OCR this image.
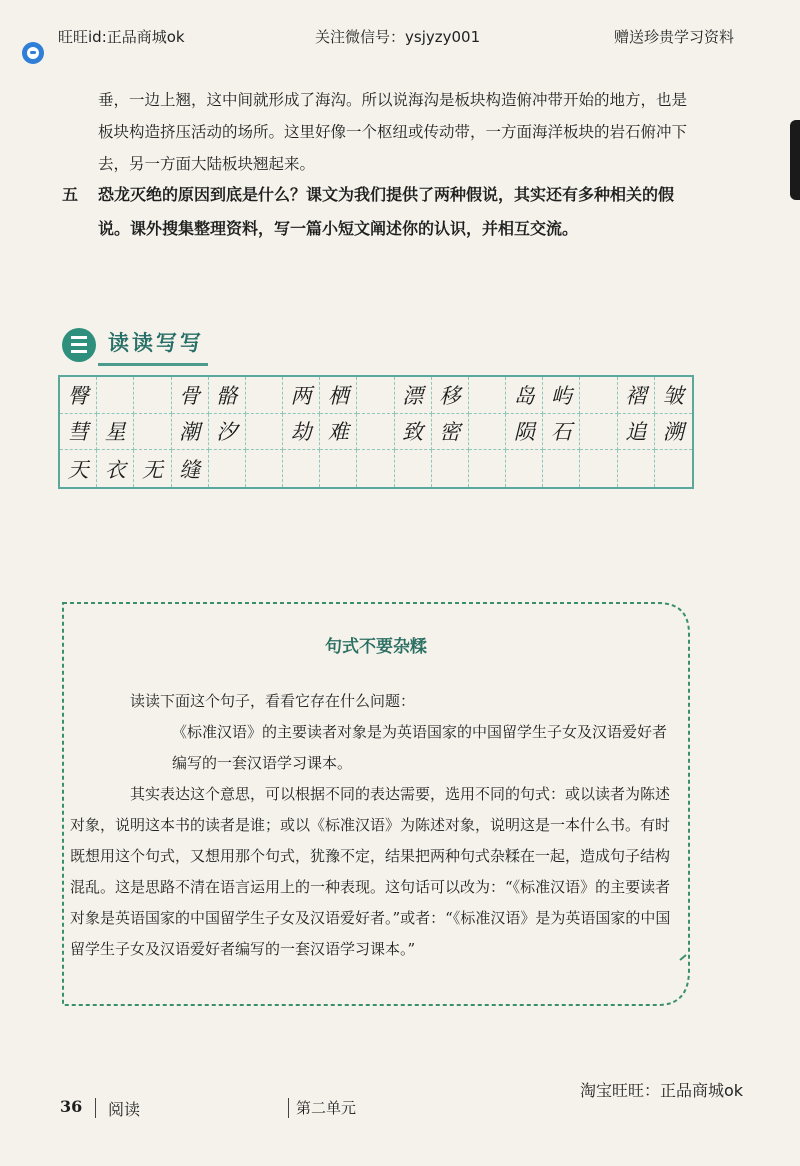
旺旺id:正品商城ok	关注微信号：ysjyzy001	赠送珍贵学习资料
垂，一边上翘，这中间就形成了海沟。所以说海沟是板块构造俯冲带开始的地方，也是板块构造挤压活动的场所。这里好像一个枢纽或传动带，一方面海洋板块的岩石俯冲下去，另一方面大陆板块翘起来。
五 恐龙灭绝的原因到底是什么？课文为我们提供了两种假说，其实还有多种相关的假说。课外搜集整理资料，写一篇小短文阐述你的认识，并相互交流。
读读写写
臀	骨 骼	两 栖	漂 移	岛 屿	褶 皱
彗 星	潮 汐	劫 难	致 密	陨 石	追 溯
天 衣 无 缝
句式不要杂糅

读读下面这个句子，看看它存在什么问题：

《标准汉语》的主要读者对象是为英语国家的中国留学生子女及汉语爱好者编写的一套汉语学习课本。

其实表达这个意思，可以根据不同的表达需要，选用不同的句式：或以读者为陈述对象，说明这本书的读者是谁；或以《标准汉语》为陈述对象，说明这是一本什么书。有时既想用这个句式，又想用那个句式，犹豫不定，结果把两种句式杂糅在一起，造成句子结构混乱。这是思路不清在语言运用上的一种表现。这句话可以改为：“《标准汉语》的主要读者对象是英语国家的中国留学生子女及汉语爱好者。”或者：“《标准汉语》是为英语国家的中国留学生子女及汉语爱好者编写的一套汉语学习课本。”

淘宝旺旺：正品商城ok
36 阅读	第二单元
